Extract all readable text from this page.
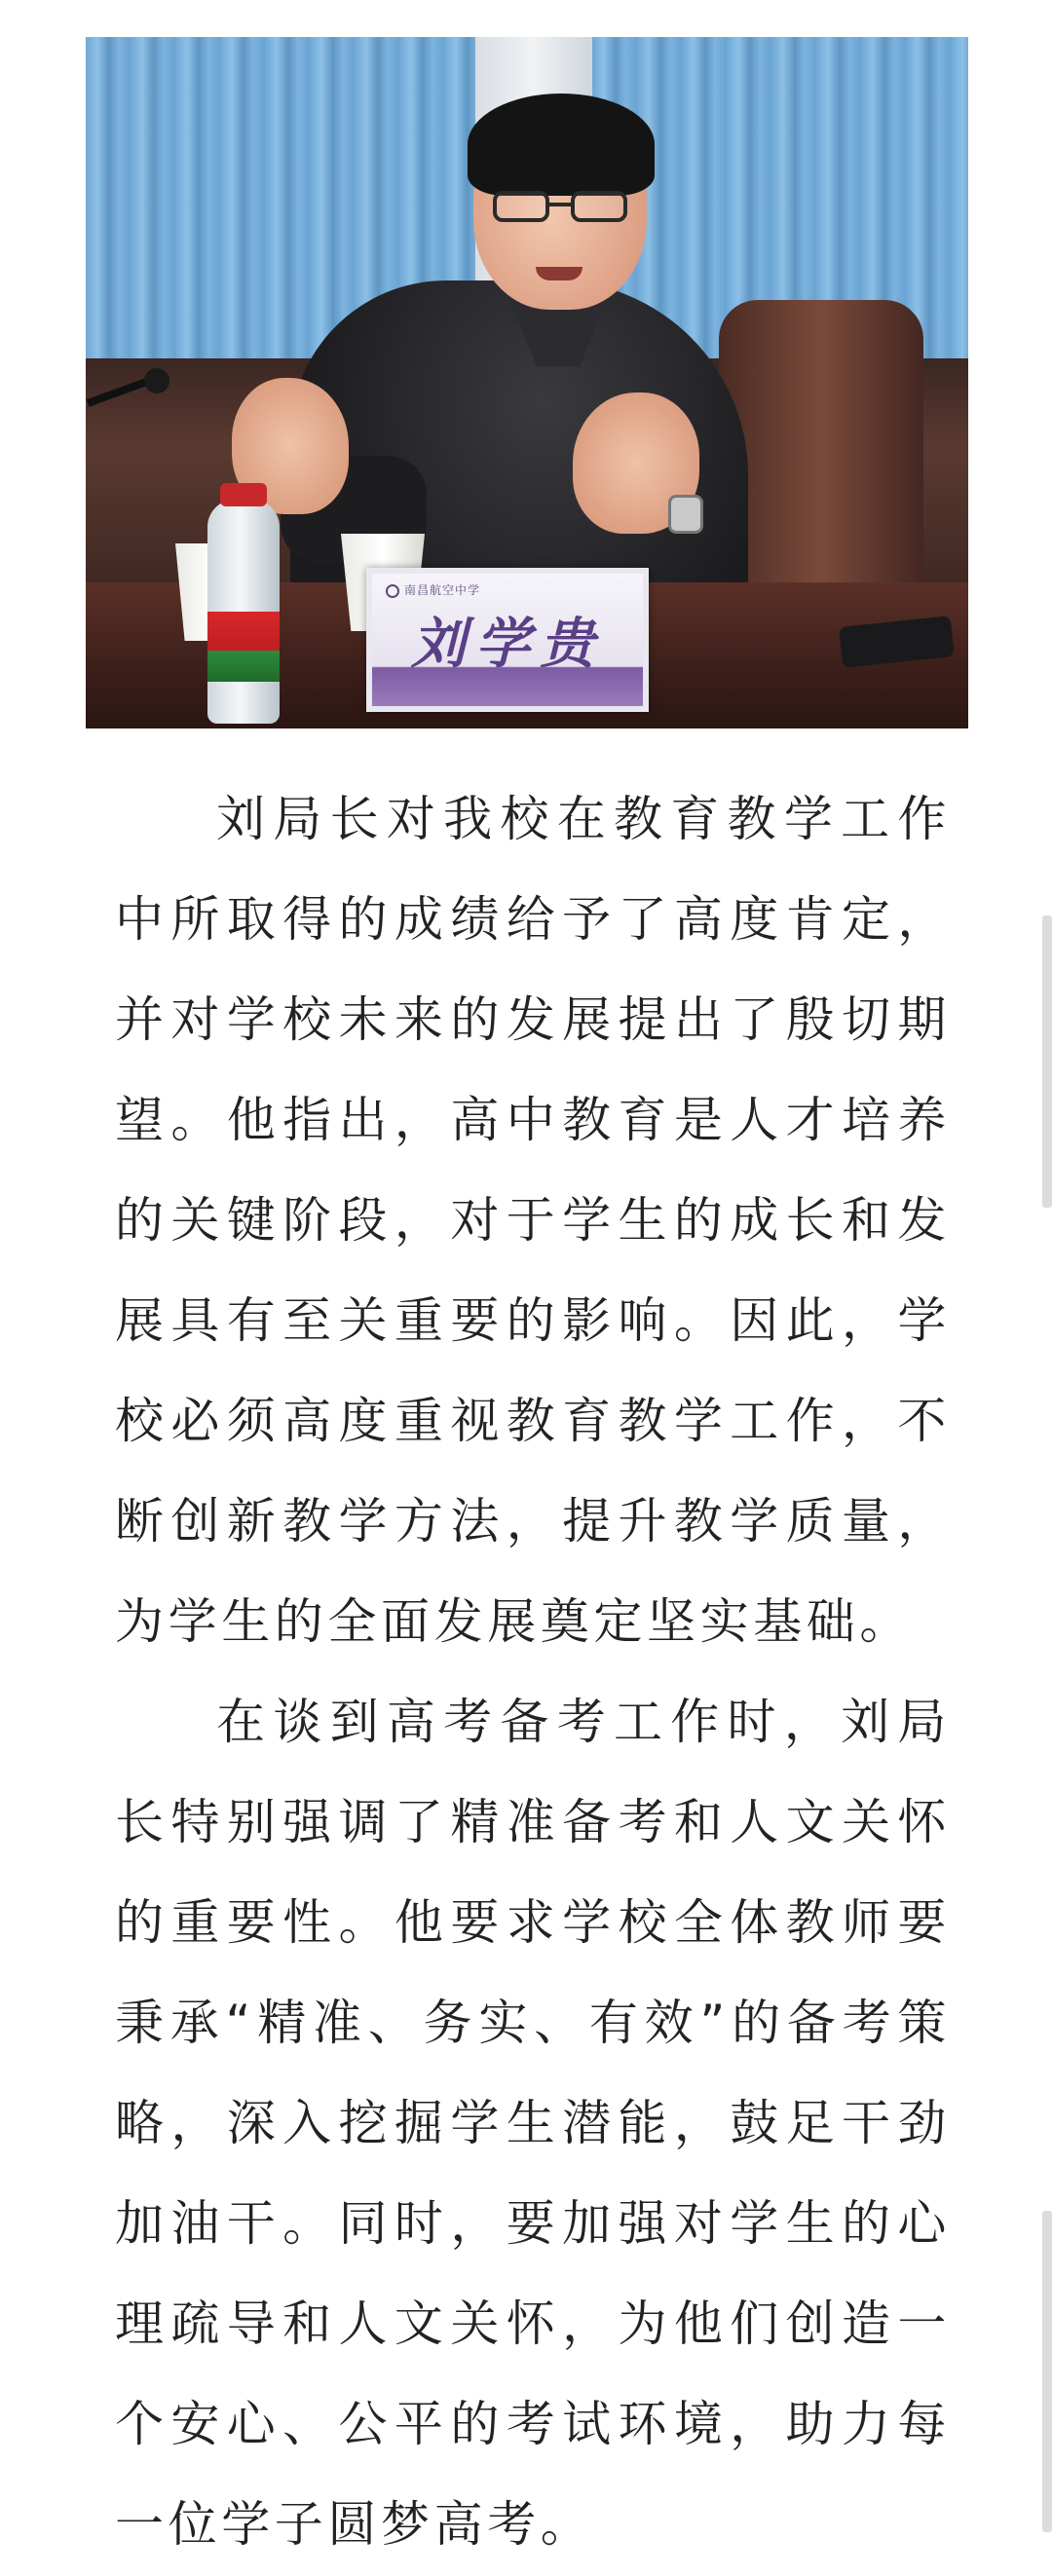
南昌航空中学
刘学贵

刘局长对我校在教育教学工作中所取得的成绩给予了高度肯定，并对学校未来的发展提出了殷切期望。他指出，高中教育是人才培养的关键阶段，对于学生的成长和发展具有至关重要的影响。因此，学校必须高度重视教育教学工作，不断创新教学方法，提升教学质量，为学生的全面发展奠定坚实基础。

在谈到高考备考工作时，刘局长特别强调了精准备考和人文关怀的重要性。他要求学校全体教师要秉承“精准、务实、有效”的备考策略，深入挖掘学生潜能，鼓足干劲加油干。同时，要加强对学生的心理疏导和人文关怀，为他们创造一个安心、公平的考试环境，助力每一位学子圆梦高考。
